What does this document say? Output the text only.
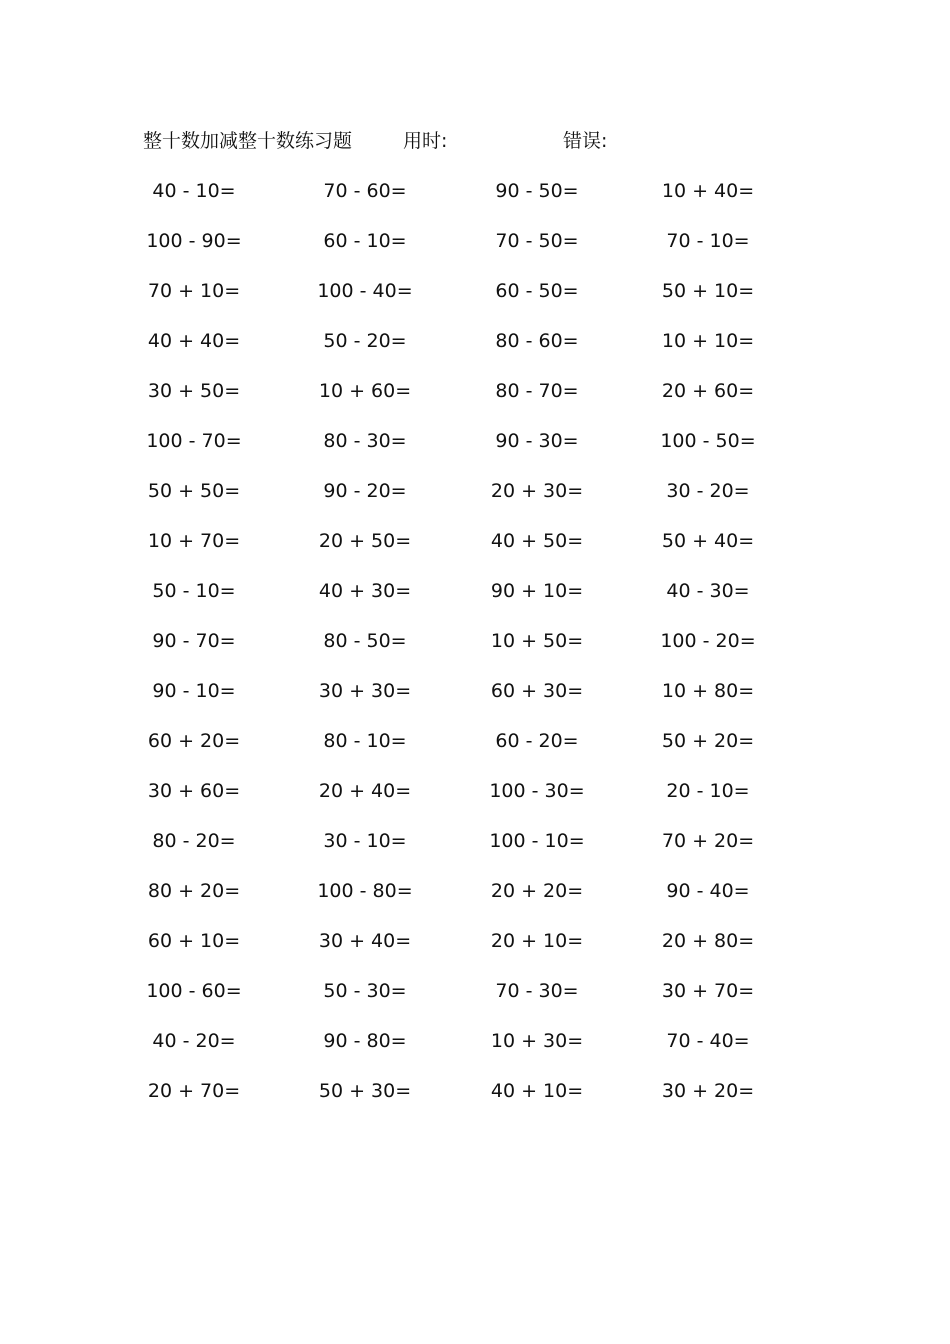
整十数加减整十数练习题	用时:	错误:
40 - 10=	70 - 60=	90 - 50=	10 + 40=
100 - 90=	60 - 10=	70 - 50=	70 - 10=
70 + 10=	100 - 40=	60 - 50=	50 + 10=
40 + 40=	50 - 20=	80 - 60=	10 + 10=
30 + 50=	10 + 60=	80 - 70=	20 + 60=
100 - 70=	80 - 30=	90 - 30=	100 - 50=
50 + 50=	90 - 20=	20 + 30=	30 - 20=
10 + 70=	20 + 50=	40 + 50=	50 + 40=
50 - 10=	40 + 30=	90 + 10=	40 - 30=
90 - 70=	80 - 50=	10 + 50=	100 - 20=
90 - 10=	30 + 30=	60 + 30=	10 + 80=
60 + 20=	80 - 10=	60 - 20=	50 + 20=
30 + 60=	20 + 40=	100 - 30=	20 - 10=
80 - 20=	30 - 10=	100 - 10=	70 + 20=
80 + 20=	100 - 80=	20 + 20=	90 - 40=
60 + 10=	30 + 40=	20 + 10=	20 + 80=
100 - 60=	50 - 30=	70 - 30=	30 + 70=
40 - 20=	90 - 80=	10 + 30=	70 - 40=
20 + 70=	50 + 30=	40 + 10=	30 + 20=
